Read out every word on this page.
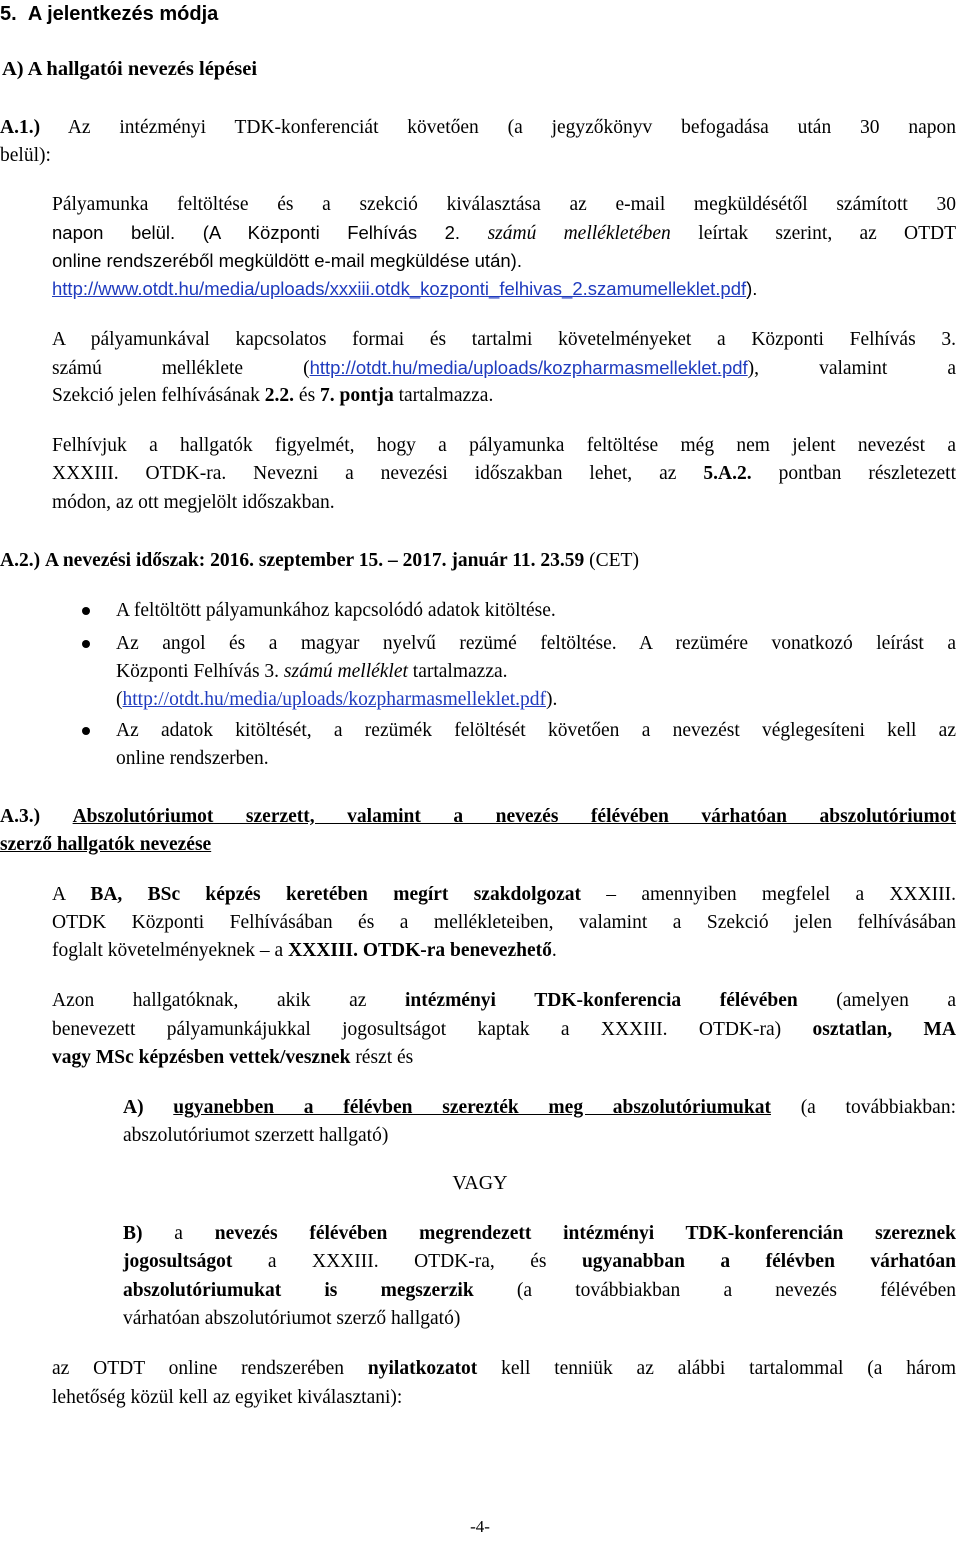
5. A jelentkezés módja
A) A hallgatói nevezés lépései
A.1.) Az intézményi TDK-konferenciát követően (a jegyzőkönyv befogadása után 30 napon
belül):
Pályamunka feltöltése és a szekció kiválasztása az e-mail megküldésétől számított 30
napon belül. (A Központi Felhívás 2. számú mellékletében leírtak szerint, az OTDT
online rendszeréből megküldött e-mail megküldése után).
http://www.otdt.hu/media/uploads/xxxiii.otdk_kozponti_felhivas_2.szamumelleklet.pdf).
A pályamunkával kapcsolatos formai és tartalmi követelményeket a Központi Felhívás 3.
számú melléklete (http://otdt.hu/media/uploads/kozpharmasmelleklet.pdf), valamint a
Szekció jelen felhívásának 2.2. és 7. pontja tartalmazza.
Felhívjuk a hallgatók figyelmét, hogy a pályamunka feltöltése még nem jelent nevezést a
XXXIII. OTDK-ra. Nevezni a nevezési időszakban lehet, az 5.A.2. pontban részletezett
módon, az ott megjelölt időszakban.
A.2.) A nevezési időszak: 2016. szeptember 15. – 2017. január 11. 23.59 (CET)
A feltöltött pályamunkához kapcsolódó adatok kitöltése.
Az angol és a magyar nyelvű rezümé feltöltése. A rezümére vonatkozó leírást a
Központi Felhívás 3. számú melléklet tartalmazza.
(http://otdt.hu/media/uploads/kozpharmasmelleklet.pdf).
Az adatok kitöltését, a rezümék felöltését követően a nevezést véglegesíteni kell az
online rendszerben.
A.3.) Abszolutóriumot szerzett, valamint a nevezés félévében várhatóan abszolutóriumot
szerző hallgatók nevezése
A BA, BSc képzés keretében megírt szakdolgozat – amennyiben megfelel a XXXIII.
OTDK Központi Felhívásában és a mellékleteiben, valamint a Szekció jelen felhívásában
foglalt követelményeknek – a XXXIII. OTDK-ra benevezhető.
Azon hallgatóknak, akik az intézményi TDK-konferencia félévében (amelyen a
benevezett pályamunkájukkal jogosultságot kaptak a XXXIII. OTDK-ra) osztatlan, MA
vagy MSc képzésben vettek/vesznek részt és
A) ugyanebben a félévben szerezték meg abszolutóriumukat (a továbbiakban:
abszolutóriumot szerzett hallgató)
VAGY
B) a nevezés félévében megrendezett intézményi TDK-konferencián szereznek
jogosultságot a XXXIII. OTDK-ra, és ugyanabban a félévben várhatóan
abszolutóriumukat is megszerzik (a továbbiakban a nevezés félévében
várhatóan abszolutóriumot szerző hallgató)
az OTDT online rendszerében nyilatkozatot kell tenniük az alábbi tartalommal (a három
lehetőség közül kell az egyiket kiválasztani):
-4-
